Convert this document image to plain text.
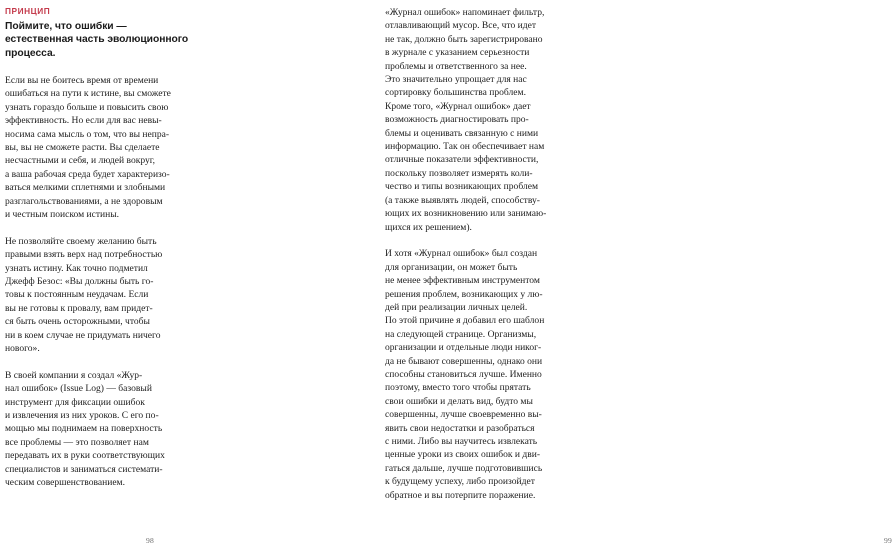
ПРИНЦИП
Поймите, что ошибки —
естественная часть эволюционного
процесса.

Если вы не боитесь время от времени
ошибаться на пути к истине, вы сможете
узнать гораздо больше и повысить свою
эффективность. Но если для вас невы-
носима сама мысль о том, что вы непра-
вы, вы не сможете расти. Вы сделаете
несчастными и себя, и людей вокруг,
а ваша рабочая среда будет характеризо-
ваться мелкими сплетнями и злобными
разглагольствованиями, а не здоровым
и честным поиском истины.

Не позволяйте своему желанию быть
правыми взять верх над потребностью
узнать истину. Как точно подметил
Джефф Безос: «Вы должны быть го-
товы к постоянным неудачам. Если
вы не готовы к провалу, вам придет-
ся быть очень осторожными, чтобы
ни в коем случае не придумать ничего
нового».

В своей компании я создал «Жур-
нал ошибок» (Issue Log) — базовый
инструмент для фиксации ошибок
и извлечения из них уроков. С его по-
мощью мы поднимаем на поверхность
все проблемы — это позволяет нам
передавать их в руки соответствующих
специалистов и заниматься системати-
ческим совершенствованием.

98

«Журнал ошибок» напоминает фильтр,
отлавливающий мусор. Все, что идет
не так, должно быть зарегистрировано
в журнале с указанием серьезности
проблемы и ответственного за нее.
Это значительно упрощает для нас
сортировку большинства проблем.
Кроме того, «Журнал ошибок» дает
возможность диагностировать про-
блемы и оценивать связанную с ними
информацию. Так он обеспечивает нам
отличные показатели эффективности,
поскольку позволяет измерять коли-
чество и типы возникающих проблем
(а также выявлять людей, способству-
ющих их возникновению или занимаю-
щихся их решением).

И хотя «Журнал ошибок» был создан
для организации, он может быть
не менее эффективным инструментом
решения проблем, возникающих у лю-
дей при реализации личных целей.
По этой причине я добавил его шаблон
на следующей странице. Организмы,
организации и отдельные люди никог-
да не бывают совершенны, однако они
способны становиться лучше. Именно
поэтому, вместо того чтобы прятать
свои ошибки и делать вид, будто мы
совершенны, лучше своевременно вы-
явить свои недостатки и разобраться
с ними. Либо вы научитесь извлекать
ценные уроки из своих ошибок и дви-
гаться дальше, лучше подготовившись
к будущему успеху, либо произойдет
обратное и вы потерпите поражение.

99
